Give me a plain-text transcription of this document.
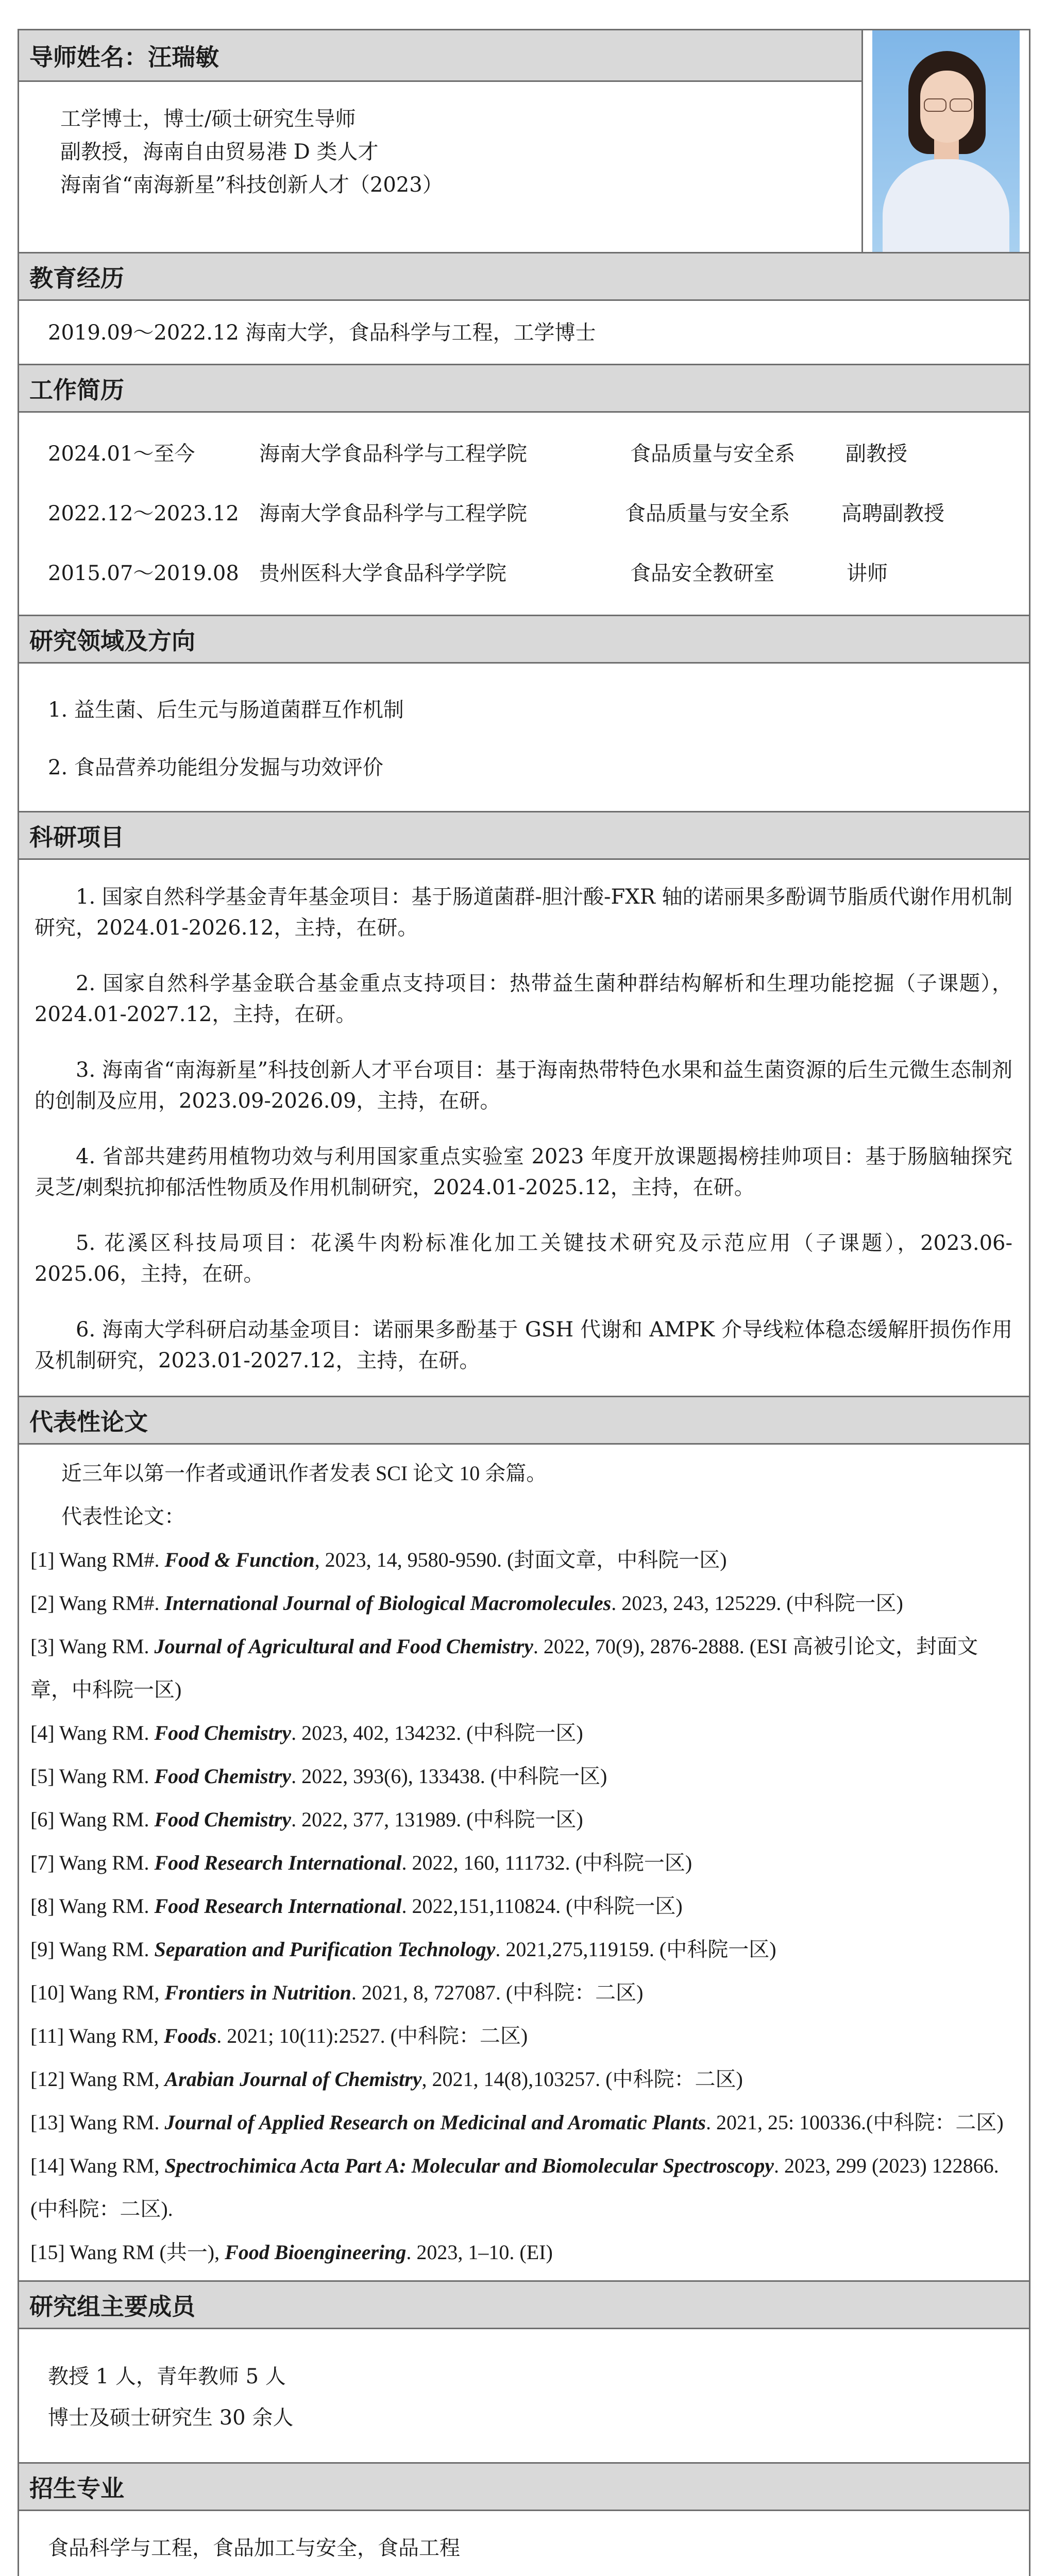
导师姓名：汪瑞敏
工学博士，博士/硕士研究生导师
副教授，海南自由贸易港 D 类人才
海南省“南海新星”科技创新人才（2023）
教育经历
2019.09～2022.12 海南大学，食品科学与工程，工学博士
工作简历
2024.01～至今	海南大学食品科学与工程学院	食品质量与安全系	副教授
2022.12～2023.12 海南大学食品科学与工程学院	食品质量与安全系	高聘副教授
2015.07～2019.08 贵州医科大学食品科学学院	食品安全教研室	讲师
研究领域及方向
1. 益生菌、后生元与肠道菌群互作机制
2. 食品营养功能组分发掘与功效评价
科研项目

1. 国家自然科学基金青年基金项目：基于肠道菌群-胆汁酸-FXR 轴的诺丽果多酚调节脂质代谢作用机制研究，2024.01-2026.12，主持，在研。

2. 国家自然科学基金联合基金重点支持项目：热带益生菌种群结构解析和生理功能挖掘（子课题），2024.01-2027.12，主持，在研。

3. 海南省“南海新星”科技创新人才平台项目：基于海南热带特色水果和益生菌资源的后生元微生态制剂的创制及应用，2023.09-2026.09，主持，在研。

4. 省部共建药用植物功效与利用国家重点实验室 2023 年度开放课题揭榜挂帅项目：基于肠脑轴探究灵芝/刺梨抗抑郁活性物质及作用机制研究，2024.01-2025.12，主持，在研。

5. 花溪区科技局项目：花溪牛肉粉标准化加工关键技术研究及示范应用（子课题），2023.06-2025.06，主持，在研。

6. 海南大学科研启动基金项目：诺丽果多酚基于 GSH 代谢和 AMPK 介导线粒体稳态缓解肝损伤作用及机制研究，2023.01-2027.12，主持，在研。

代表性论文
近三年以第一作者或通讯作者发表 SCI 论文 10 余篇。
代表性论文：
[1] Wang RM#. Food & Function, 2023, 14, 9580-9590. (封面文章，中科院一区)
[2] Wang RM#. International Journal of Biological Macromolecules. 2023, 243, 125229. (中科院一区)
[3] Wang RM. Journal of Agricultural and Food Chemistry. 2022, 70(9), 2876-2888. (ESI 高被引论文，封面文章，中科院一区)
[4] Wang RM. Food Chemistry. 2023, 402, 134232. (中科院一区)
[5] Wang RM. Food Chemistry. 2022, 393(6), 133438. (中科院一区)
[6] Wang RM. Food Chemistry. 2022, 377, 131989. (中科院一区)
[7] Wang RM. Food Research International. 2022, 160, 111732. (中科院一区)
[8] Wang RM. Food Research International. 2022,151,110824. (中科院一区)
[9] Wang RM. Separation and Purification Technology. 2021,275,119159. (中科院一区)
[10] Wang RM, Frontiers in Nutrition. 2021, 8, 727087. (中科院：二区)
[11] Wang RM, Foods. 2021; 10(11):2527. (中科院：二区)
[12] Wang RM, Arabian Journal of Chemistry, 2021, 14(8),103257. (中科院：二区)
[13] Wang RM. Journal of Applied Research on Medicinal and Aromatic Plants. 2021, 25: 100336.(中科院：二区)
[14] Wang RM, Spectrochimica Acta Part A: Molecular and Biomolecular Spectroscopy. 2023, 299 (2023) 122866. (中科院：二区).
[15] Wang RM (共一), Food Bioengineering. 2023, 1–10. (EI)
研究组主要成员
教授 1 人，青年教师 5 人
博士及硕士研究生 30 余人
招生专业
食品科学与工程，食品加工与安全，食品工程
